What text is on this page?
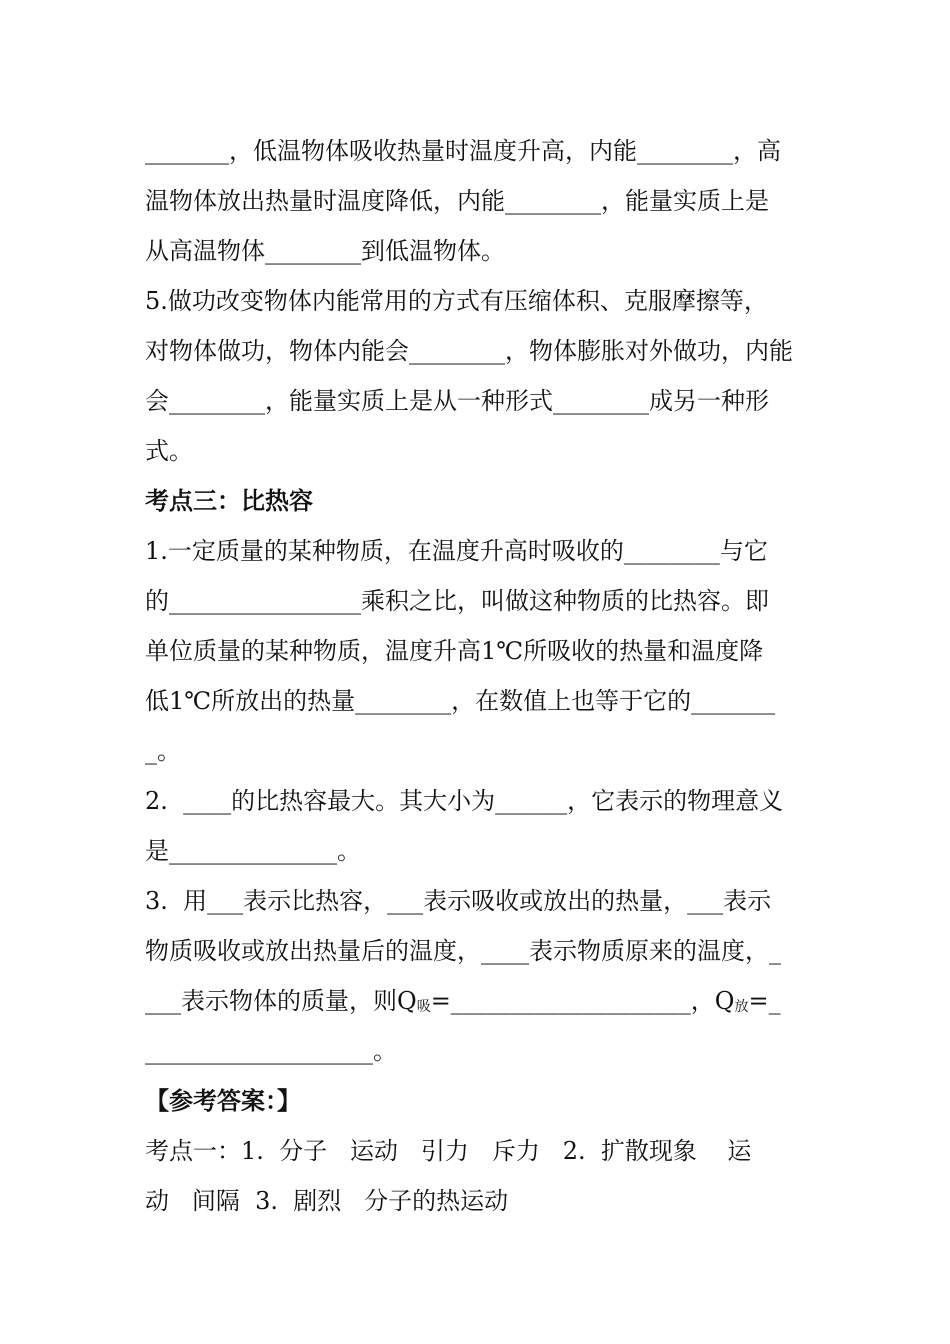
_______，低温物体吸收热量时温度升高，内能________，高
温物体放出热量时温度降低，内能________，能量实质上是
从高温物体________到低温物体。
5.做功改变物体内能常用的方式有压缩体积、克服摩擦等，
对物体做功，物体内能会________，物体膨胀对外做功，内能
会________，能量实质上是从一种形式________成另一种形
式。
考点三：比热容
1.一定质量的某种物质，在温度升高时吸收的________与它
的________________乘积之比，叫做这种物质的比热容。即
单位质量的某种物质，温度升高1℃所吸收的热量和温度降
低1℃所放出的热量________，在数值上也等于它的_______
_。
2.  ____的比热容最大。其大小为______，它表示的物理意义
是______________。
3.  用___表示比热容，___表示吸收或放出的热量，___表示
物质吸收或放出热量后的温度，____表示物质原来的温度，_
___表示物体的质量，则Q吸=____________________，Q放=_
___________________。
【参考答案：】
考点一：1.  分子   运动   引力   斥力   2.  扩散现象    运
动   间隔  3.  剧烈   分子的热运动
